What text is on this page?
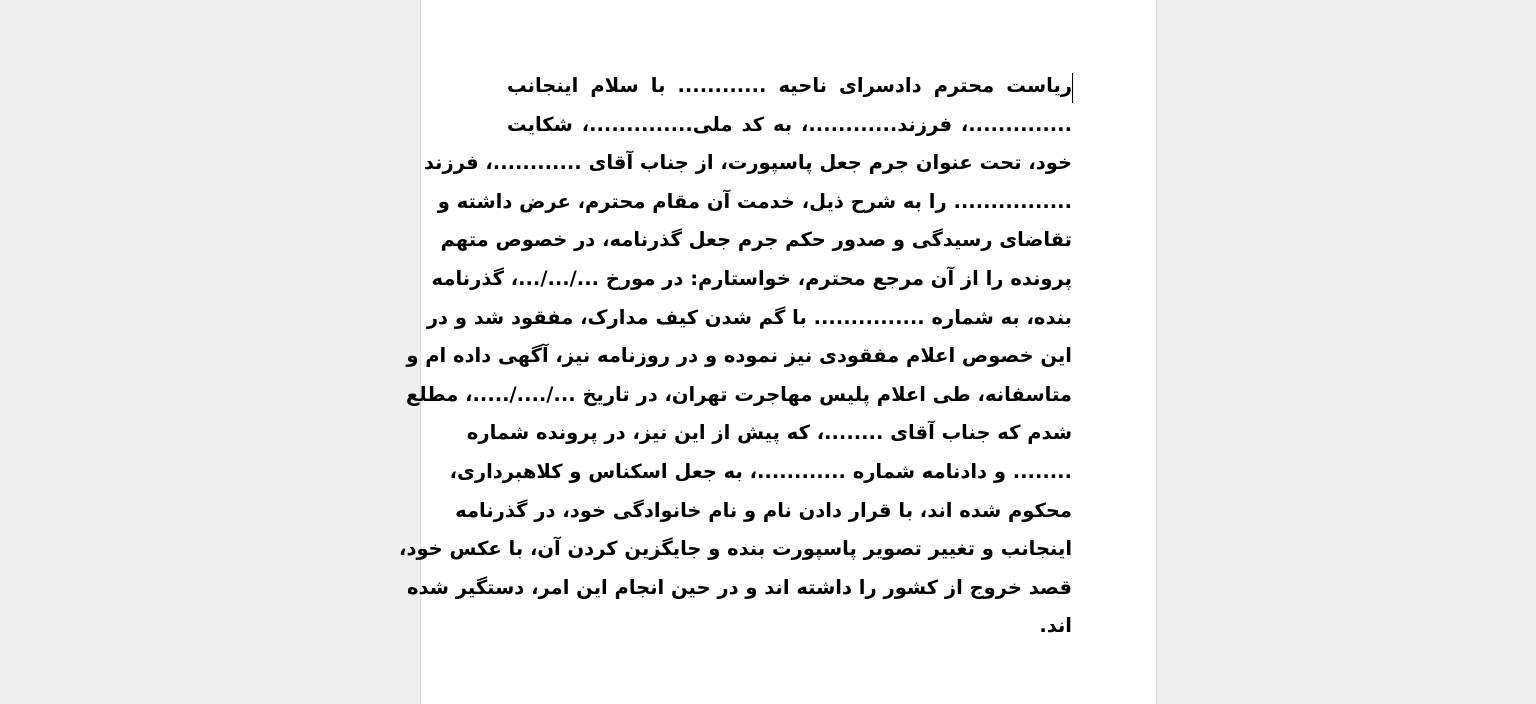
ریاست محترم دادسرای ناحیه ............ با سلام اینجانب
..............، فرزند............، به کد ملی..............، شکایت
خود، تحت عنوان جرم جعل پاسپورت، از جناب آقای ............، فرزند
................ را به شرح ذیل، خدمت آن مقام محترم، عرض داشته و
تقاضای رسیدگی و صدور حکم جرم جعل گذرنامه، در خصوص متهم
پرونده را از آن مرجع محترم، خواستارم: در مورخ .../.../...، گذرنامه
بنده، به شماره ............... با گم شدن کیف مدارک، مفقود شد و در
این خصوص اعلام مفقودی نیز نموده و در روزنامه نیز، آگهی داده ام و
متاسفانه، طی اعلام پلیس مهاجرت تهران، در تاریخ .../..../.....، مطلع
شدم که جناب آقای ........، که پیش از این نیز، در پرونده شماره
........ و دادنامه شماره ............، به جعل اسکناس و کلاهبرداری،
محکوم شده اند، با قرار دادن نام و نام خانوادگی خود، در گذرنامه
اینجانب و تغییر تصویر پاسپورت بنده و جایگزین کردن آن، با عکس خود،
قصد خروج از کشور را داشته اند و در حین انجام این امر، دستگیر شده
اند.
